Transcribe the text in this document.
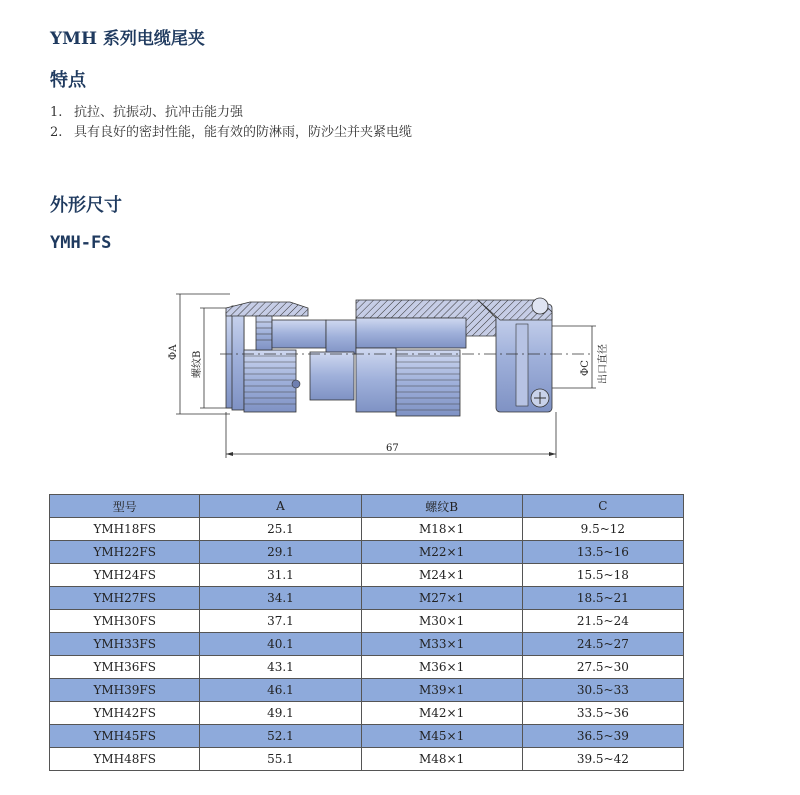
YMH 系列电缆尾夹
特点
1. 抗拉、抗振动、抗冲击能力强
2. 具有良好的密封性能，能有效的防淋雨，防沙尘并夹紧电缆
外形尺寸
YMH-FS
ΦA 螺纹B	ΦC 出口直径
67
型号	A	螺纹B	C
YMH18FS	25.1	M18×1	9.5~12
YMH22FS	29.1	M22×1	13.5~16
YMH24FS	31.1	M24×1	15.5~18
YMH27FS	34.1	M27×1	18.5~21
YMH30FS	37.1	M30×1	21.5~24
YMH33FS	40.1	M33×1	24.5~27
YMH36FS	43.1	M36×1	27.5~30
YMH39FS	46.1	M39×1	30.5~33
YMH42FS	49.1	M42×1	33.5~36
YMH45FS	52.1	M45×1	36.5~39
YMH48FS	55.1	M48×1	39.5~42
